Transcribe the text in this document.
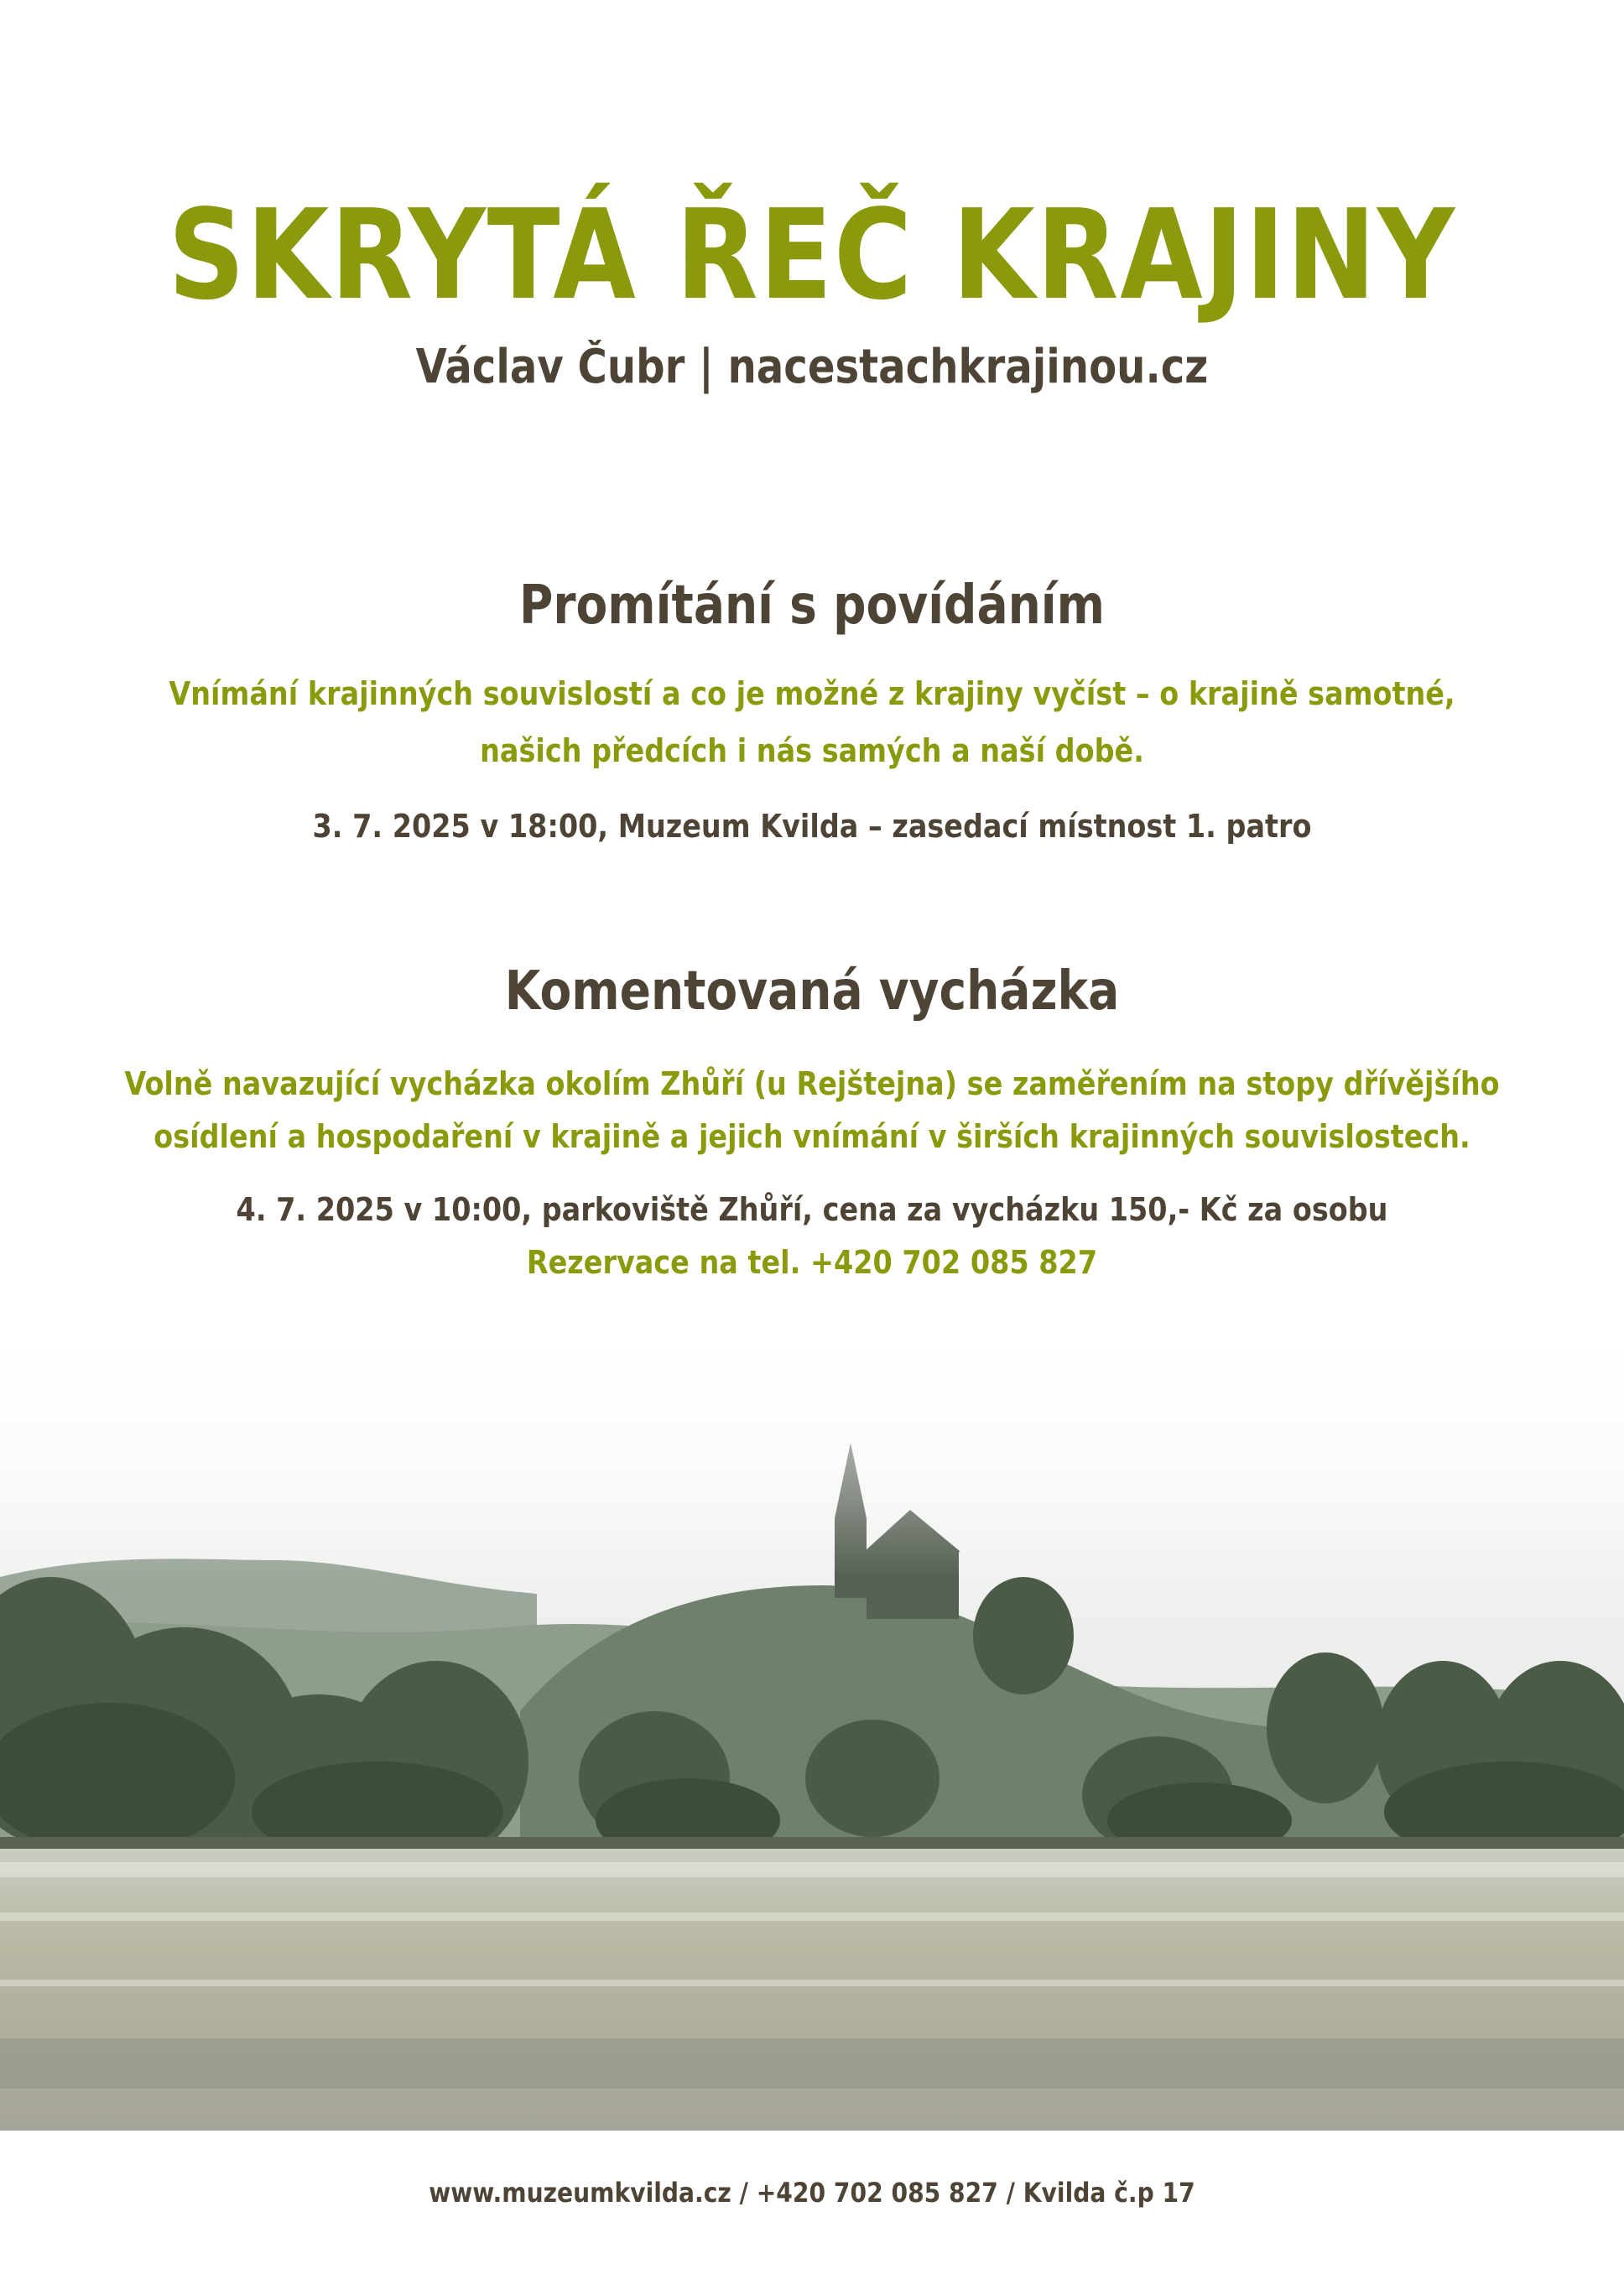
SKRYTÁ ŘEČ KRAJINY
Václav Čubr | nacestachkrajinou.cz
Promítání s povídáním
Vnímání krajinných souvislostí a co je možné z krajiny vyčíst – o krajině samotné,
našich předcích i nás samých a naší době.
3. 7. 2025 v 18:00, Muzeum Kvilda – zasedací místnost 1. patro
Komentovaná vycházka
Volně navazující vycházka okolím Zhůří (u Rejštejna) se zaměřením na stopy dřívějšího
osídlení a hospodaření v krajině a jejich vnímání v širších krajinných souvislostech.
4. 7. 2025 v 10:00, parkoviště Zhůří, cena za vycházku 150,- Kč za osobu
Rezervace na tel. +420 702 085 827
www.muzeumkvilda.cz / +420 702 085 827 / Kvilda č.p 17
